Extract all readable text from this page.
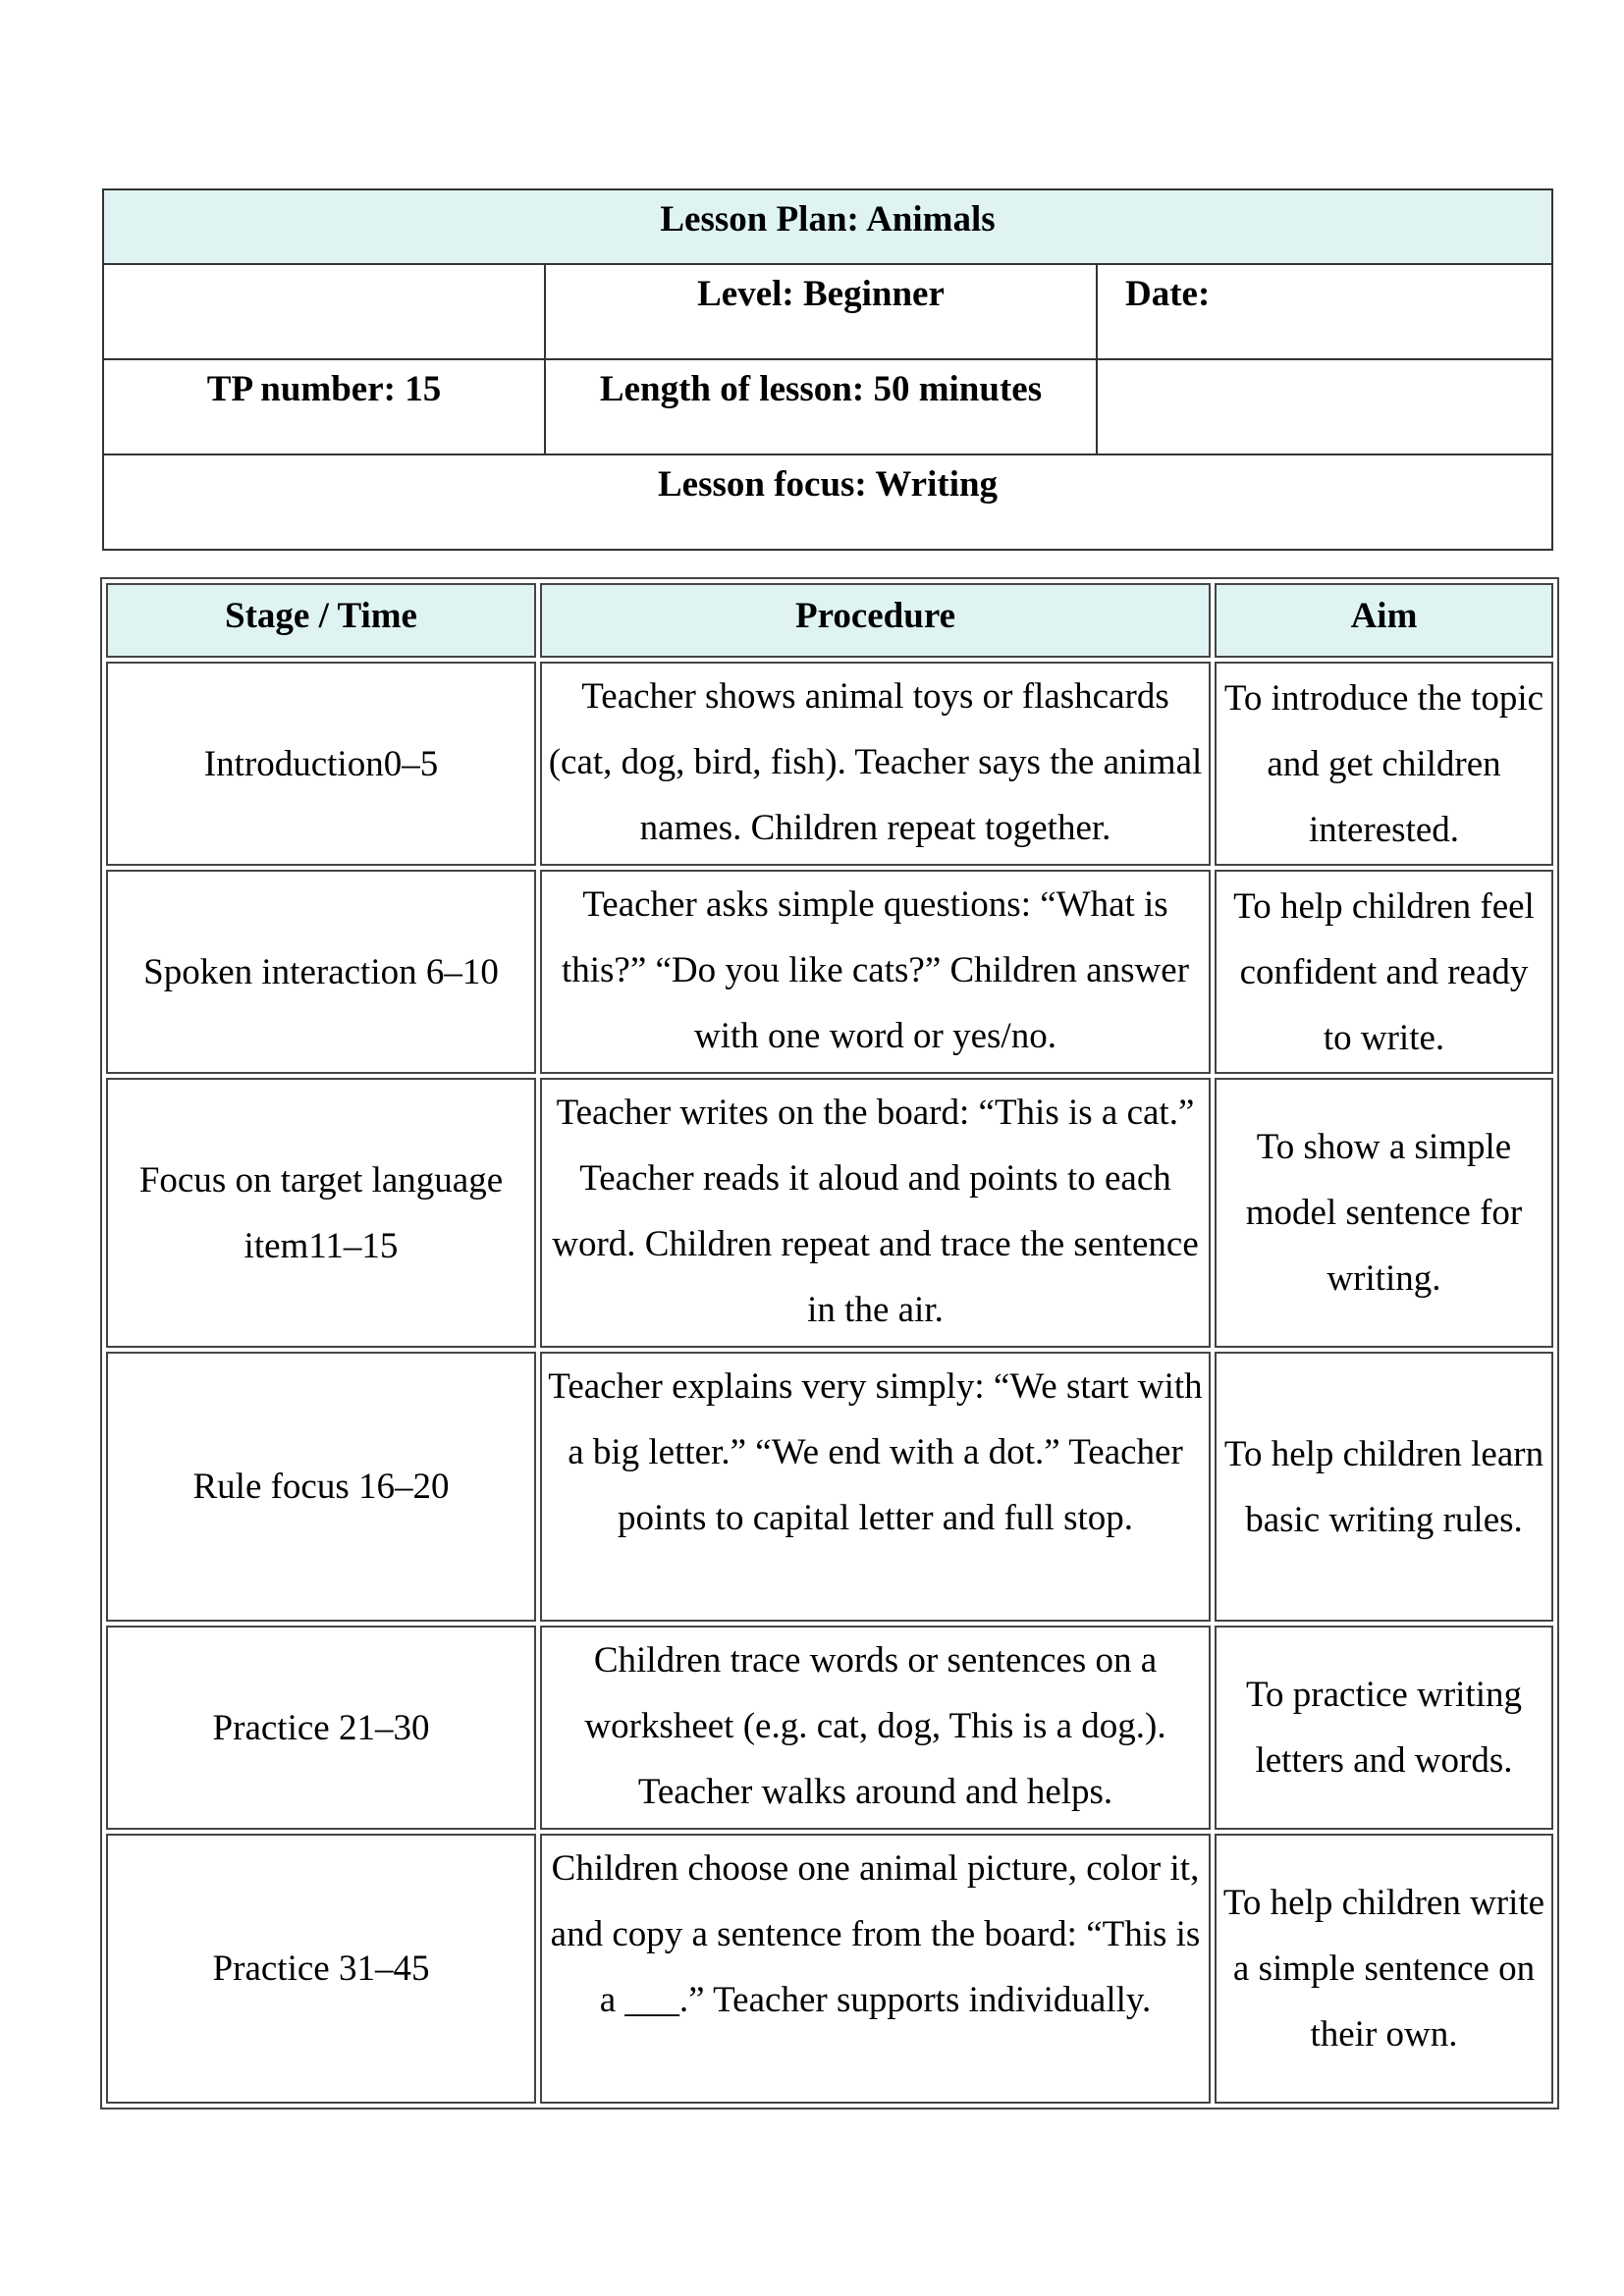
Lesson Plan: Animals		
	Level: Beginner	Date:
TP number: 15	Length of lesson: 50 minutes	
Lesson focus: Writing		
Stage / Time	Procedure	Aim
Introduction0–5	Teacher shows animal toys or flashcards (cat, dog, bird, fish). Teacher says the animal names. Children repeat together.	To introduce the topic and get children interested.
Spoken interaction 6–10	Teacher asks simple questions: “What is this?” “Do you like cats?” Children answer with one word or yes/no.	To help children feel confident and ready to write.
Focus on target language item11–15	Teacher writes on the board: “This is a cat.” Teacher reads it aloud and points to each word. Children repeat and trace the sentence in the air.	To show a simple model sentence for writing.
Rule focus 16–20	Teacher explains very simply: “We start with a big letter.” “We end with a dot.” Teacher points to capital letter and full stop.	To help children learn basic writing rules.
Practice 21–30	Children trace words or sentences on a worksheet (e.g. cat, dog, This is a dog.). Teacher walks around and helps.	To practice writing letters and words.
Practice 31–45	Children choose one animal picture, color it, and copy a sentence from the board: “This is a ___.” Teacher supports individually.	To help children write a simple sentence on their own.
